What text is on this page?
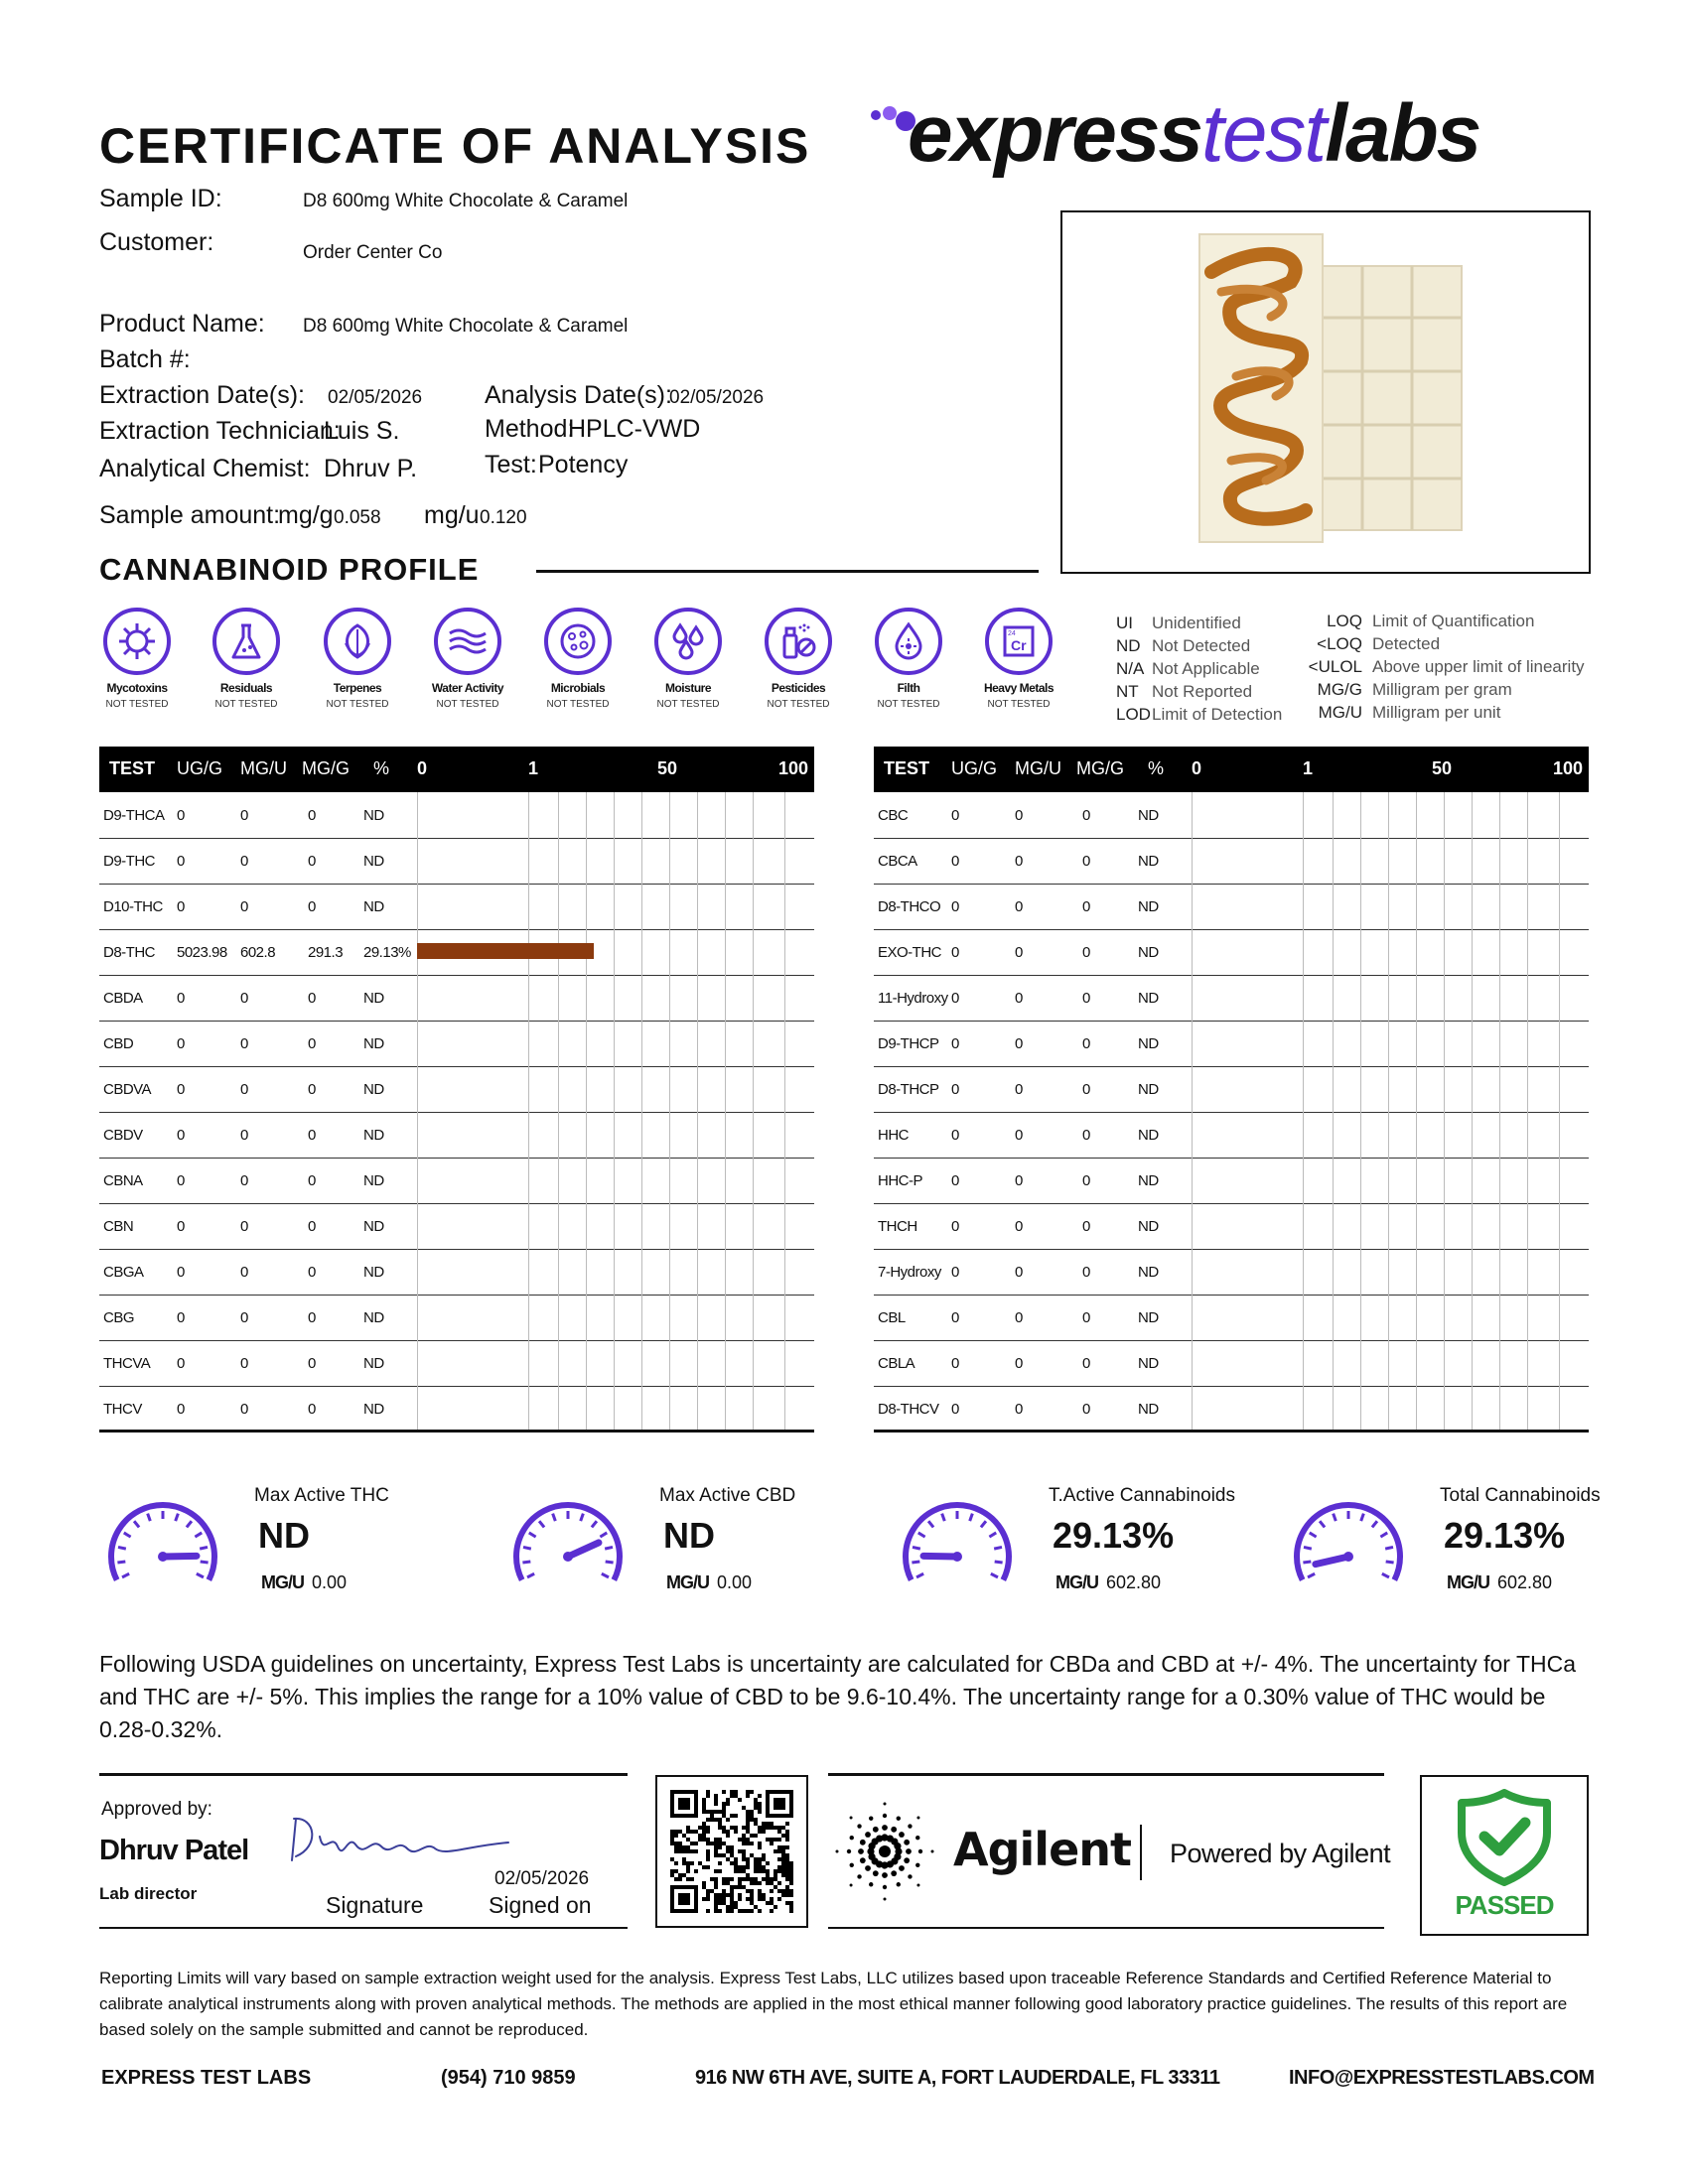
CERTIFICATE OF ANALYSIS expresstestlabs
Sample ID:	D8 600mg White Chocolate & Caramel
Customer:	Order Center Co
Product Name: D8 600mg White Chocolate & Caramel
Batch #:
Extraction Date(s): 02/05/2026	Analysis Date(s):
02/05/2026
Extraction Technician:
Luis S.	Method:
HPLC-VWD
Analytical Chemist: Dhruv P.	Test: Potency
Sample amount:
mg/g 0.058 mg/u 0.120
CANNABINOID PROFILE
Mycotoxins
NOT TESTED
Residuals
NOT TESTED
Terpenes
NOT TESTED
Water Activity
NOT TESTED
Microbials
NOT TESTED
Moisture
NOT TESTED
Pesticides
NOT TESTED
Filth
NOT TESTED
24
Cr
Heavy Metals
NOT TESTED
UI Unidentified
ND Not Detected
N/A Not Applicable
NT Not Reported
LODLimit of Detection
LOQ Limit of Quantification
<LOQ Detected
<ULOL Above upper limit of linearity
MG/G Milligram per gram
MG/U Milligram per unit
TEST UG/G MG/U MG/G % 0	1	50	100	TEST UG/G MG/U MG/G % 0	1	50	100
D9-THCA 0	0	0	ND
D9-THC 0	0	0	ND
D10-THC 0	0	0	ND
D8-THC 5023.98 602.8 291.3 29.13%
CBDA 0	0	0	ND
CBD	0	0	0	ND
CBDVA 0	0	0	ND
CBDV 0	0	0	ND
CBNA 0	0	0	ND
CBN	0	0	0	ND
CBGA 0	0	0	ND
CBG	0	0	0	ND
THCVA 0	0	0	ND
THCV 0	0	0	ND
CBC	0	0	0	ND
CBCA 0	0	0	ND
D8-THCO 0	0	0	ND
EXO-THC 0	0	0	ND
11-Hydroxy 0	0	0	ND
D9-THCP 0	0	0	ND
D8-THCP 0	0	0	ND
HHC	0	0	0	ND
HHC-P 0	0	0	ND
THCH 0	0	0	ND
7-Hydroxy 0	0	0	ND
CBL	0	0	0	ND
CBLA 0	0	0	ND
D8-THCV 0	0	0	ND
Max Active THC
ND
MG/U 0.00
Max Active CBD
ND
MG/U 0.00
T.Active Cannabinoids
29.13%
MG/U 602.80
Total Cannabinoids
29.13%
MG/U 602.80
Following USDA guidelines on uncertainty, Express Test Labs is uncertainty are calculated for CBDa and CBD at +/- 4%. The uncertainty for THCa and THC are +/- 5%. This implies the range for a 10% value of CBD to be 9.6-10.4%. The uncertainty range for a 0.30% value of THC would be 0.28-0.32%.
Approved by:
Dhruv Patel
Lab director	Signature
02/05/2026
Signed on
Agilent Powered by Agilent
PASSED
Reporting Limits will vary based on sample extraction weight used for the analysis. Express Test Labs, LLC utilizes based upon traceable Reference Standards and Certified Reference Material to calibrate analytical instruments along with proven analytical methods. The methods are applied in the most ethical manner following good laboratory practice guidelines. The results of this report are based solely on the sample submitted and cannot be reproduced.
EXPRESS TEST LABS	(954) 710 9859	916 NW 6TH AVE, SUITE A, FORT LAUDERDALE, FL 33311	INFO@EXPRESSTESTLABS.COM
